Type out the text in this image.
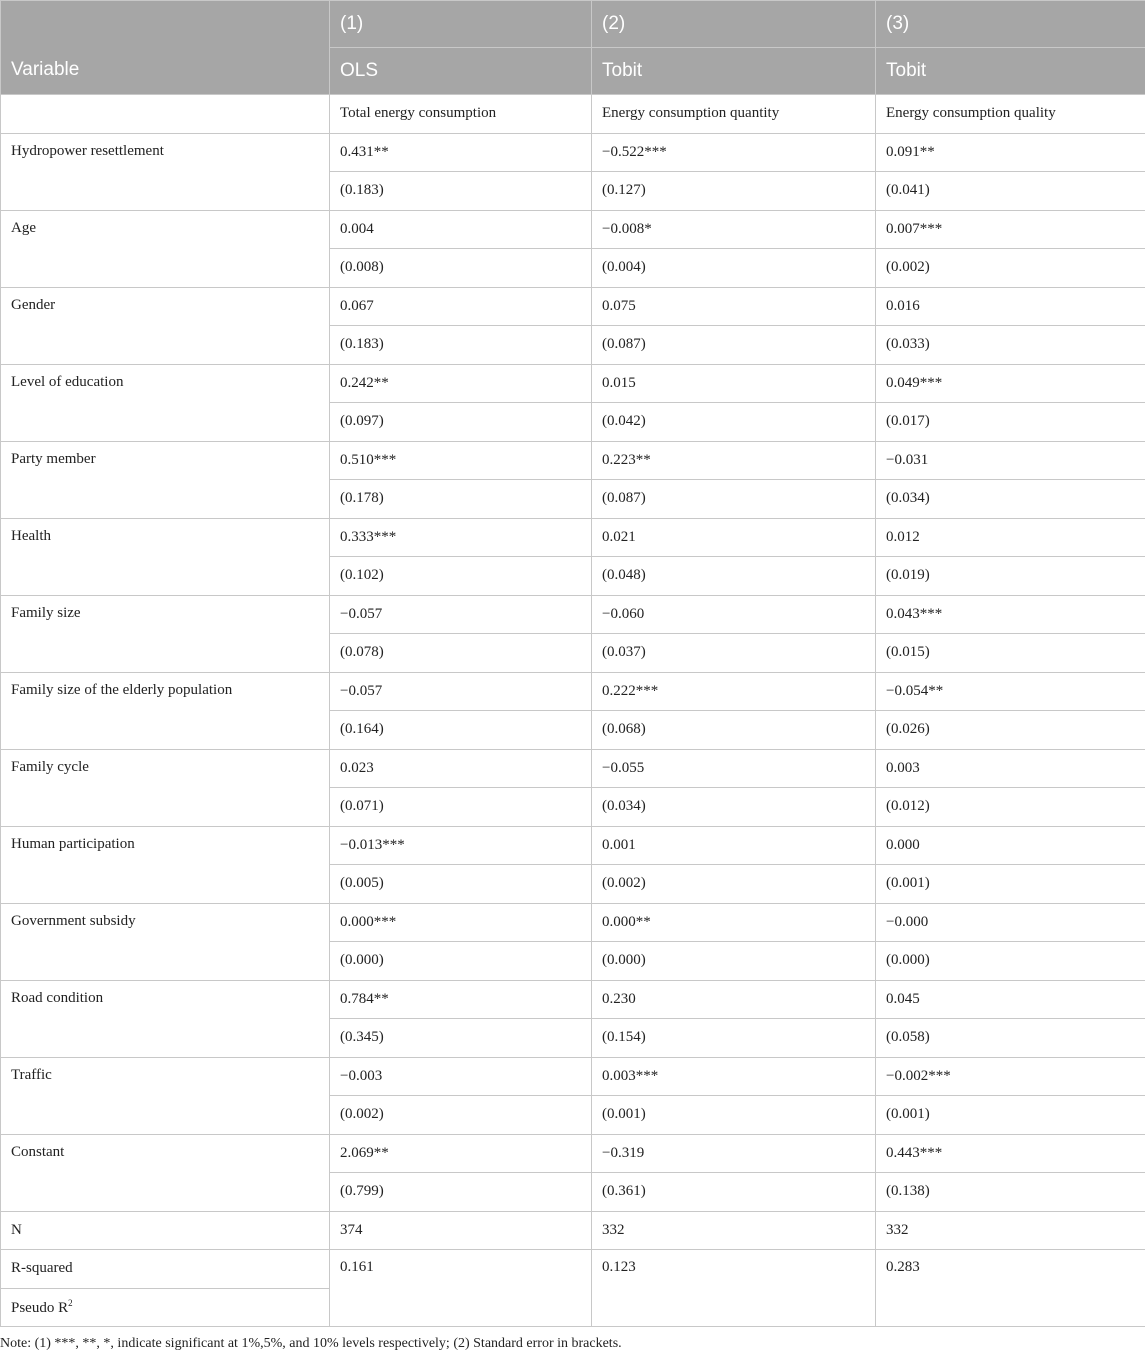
Variable	(1)	(2)	(3)
	OLS	Tobit	Tobit
	Total energy consumption	Energy consumption quantity	Energy consumption quality
Hydropower resettlement	0.431**	−0.522***	0.091**
	(0.183)	(0.127)	(0.041)
Age	0.004	−0.008*	0.007***
	(0.008)	(0.004)	(0.002)
Gender	0.067	0.075	0.016
	(0.183)	(0.087)	(0.033)
Level of education	0.242**	0.015	0.049***
	(0.097)	(0.042)	(0.017)
Party member	0.510***	0.223**	−0.031
	(0.178)	(0.087)	(0.034)
Health	0.333***	0.021	0.012
	(0.102)	(0.048)	(0.019)
Family size	−0.057	−0.060	0.043***
	(0.078)	(0.037)	(0.015)
Family size of the elderly population	−0.057	0.222***	−0.054**
	(0.164)	(0.068)	(0.026)
Family cycle	0.023	−0.055	0.003
	(0.071)	(0.034)	(0.012)
Human participation	−0.013***	0.001	0.000
	(0.005)	(0.002)	(0.001)
Government subsidy	0.000***	0.000**	−0.000
	(0.000)	(0.000)	(0.000)
Road condition	0.784**	0.230	0.045
	(0.345)	(0.154)	(0.058)
Traffic	−0.003	0.003***	−0.002***
	(0.002)	(0.001)	(0.001)
Constant	2.069**	−0.319	0.443***
	(0.799)	(0.361)	(0.138)
N	374	332	332
R-squared	0.161	0.123	0.283
Pseudo $R^2$
Note: (1) ***, **, *, indicate significant at 1%,5%, and 10% levels respectively; (2) Standard error in brackets.
